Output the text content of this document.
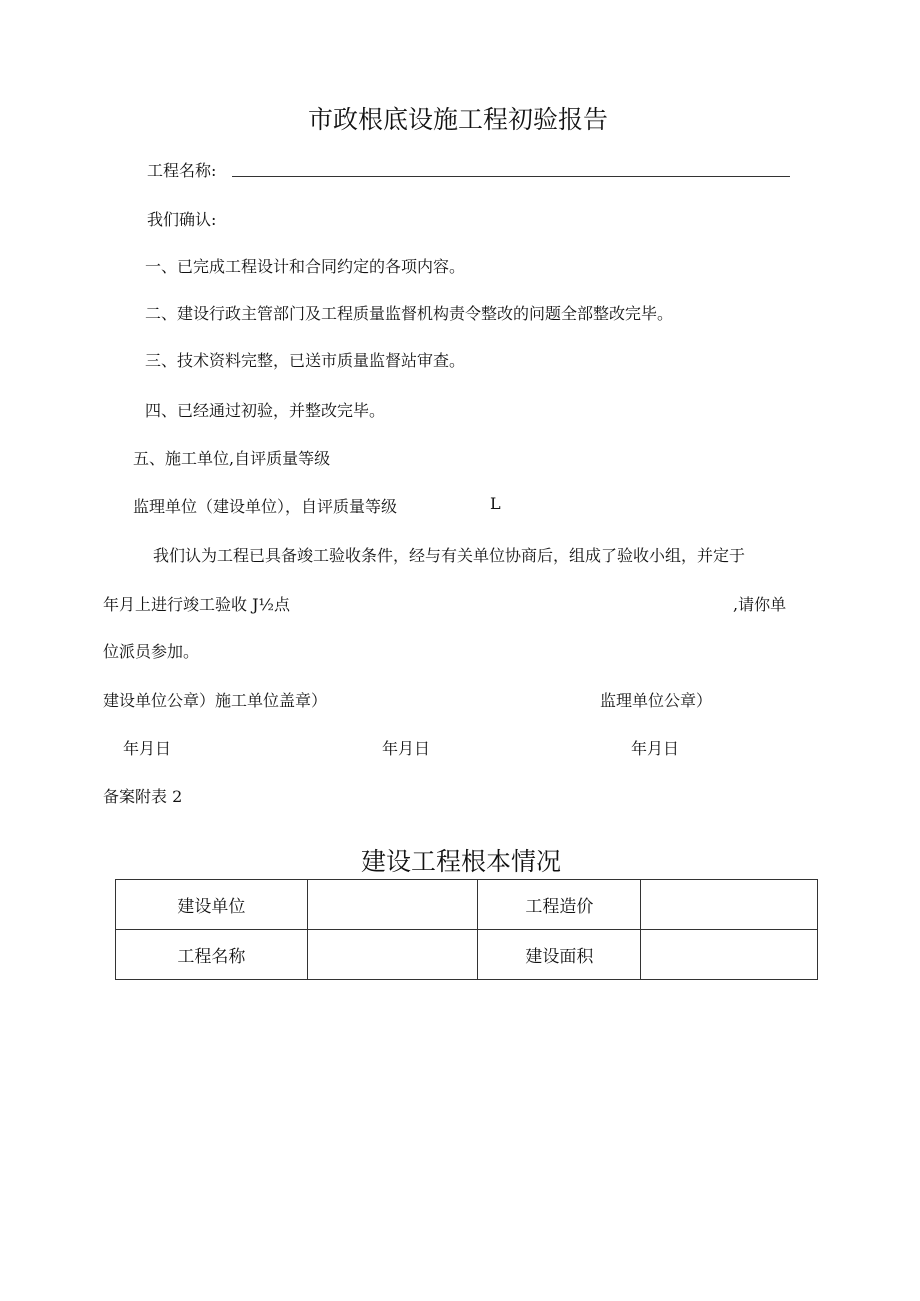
市政根底设施工程初验报告
工程名称:
我们确认:
一、已完成工程设计和合同约定的各项内容。
二、建设行政主管部门及工程质量监督机构责令整改的问题全部整改完毕。
三、技术资料完整，已送市质量监督站审查。
四、已经通过初验，并整改完毕。
五、施工单位,自评质量等级
监理单位（建设单位），自评质量等级	L
我们认为工程已具备竣工验收条件，经与有关单位协商后，组成了验收小组，并定于
年月上进行竣工验收 J½点	,请你单
位派员参加。
建设单位公章）施工单位盖章）	监理单位公章）
年月日	年月日	年月日
备案附表 2
建设工程根本情况
建设单位		工程造价	
工程名称		建设面积	
